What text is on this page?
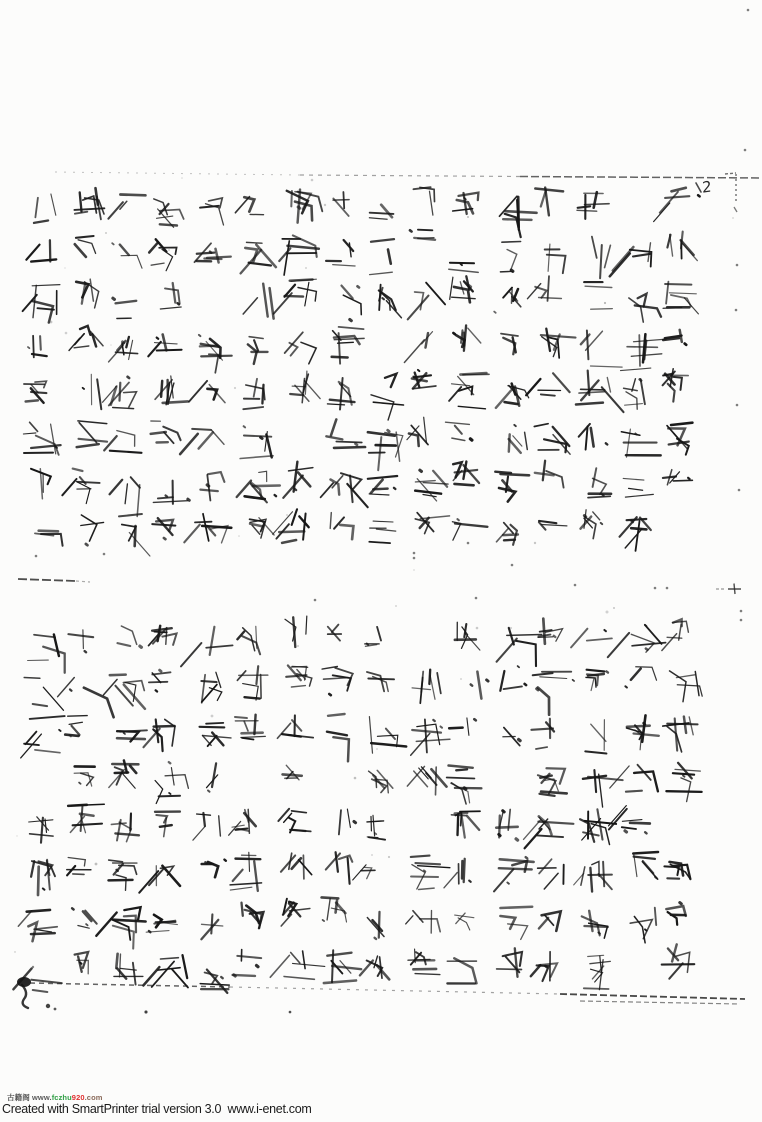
2
古籍阁 www.fczhu920.com
Created with SmartPrinter trial version 3.0  www.i-enet.com
